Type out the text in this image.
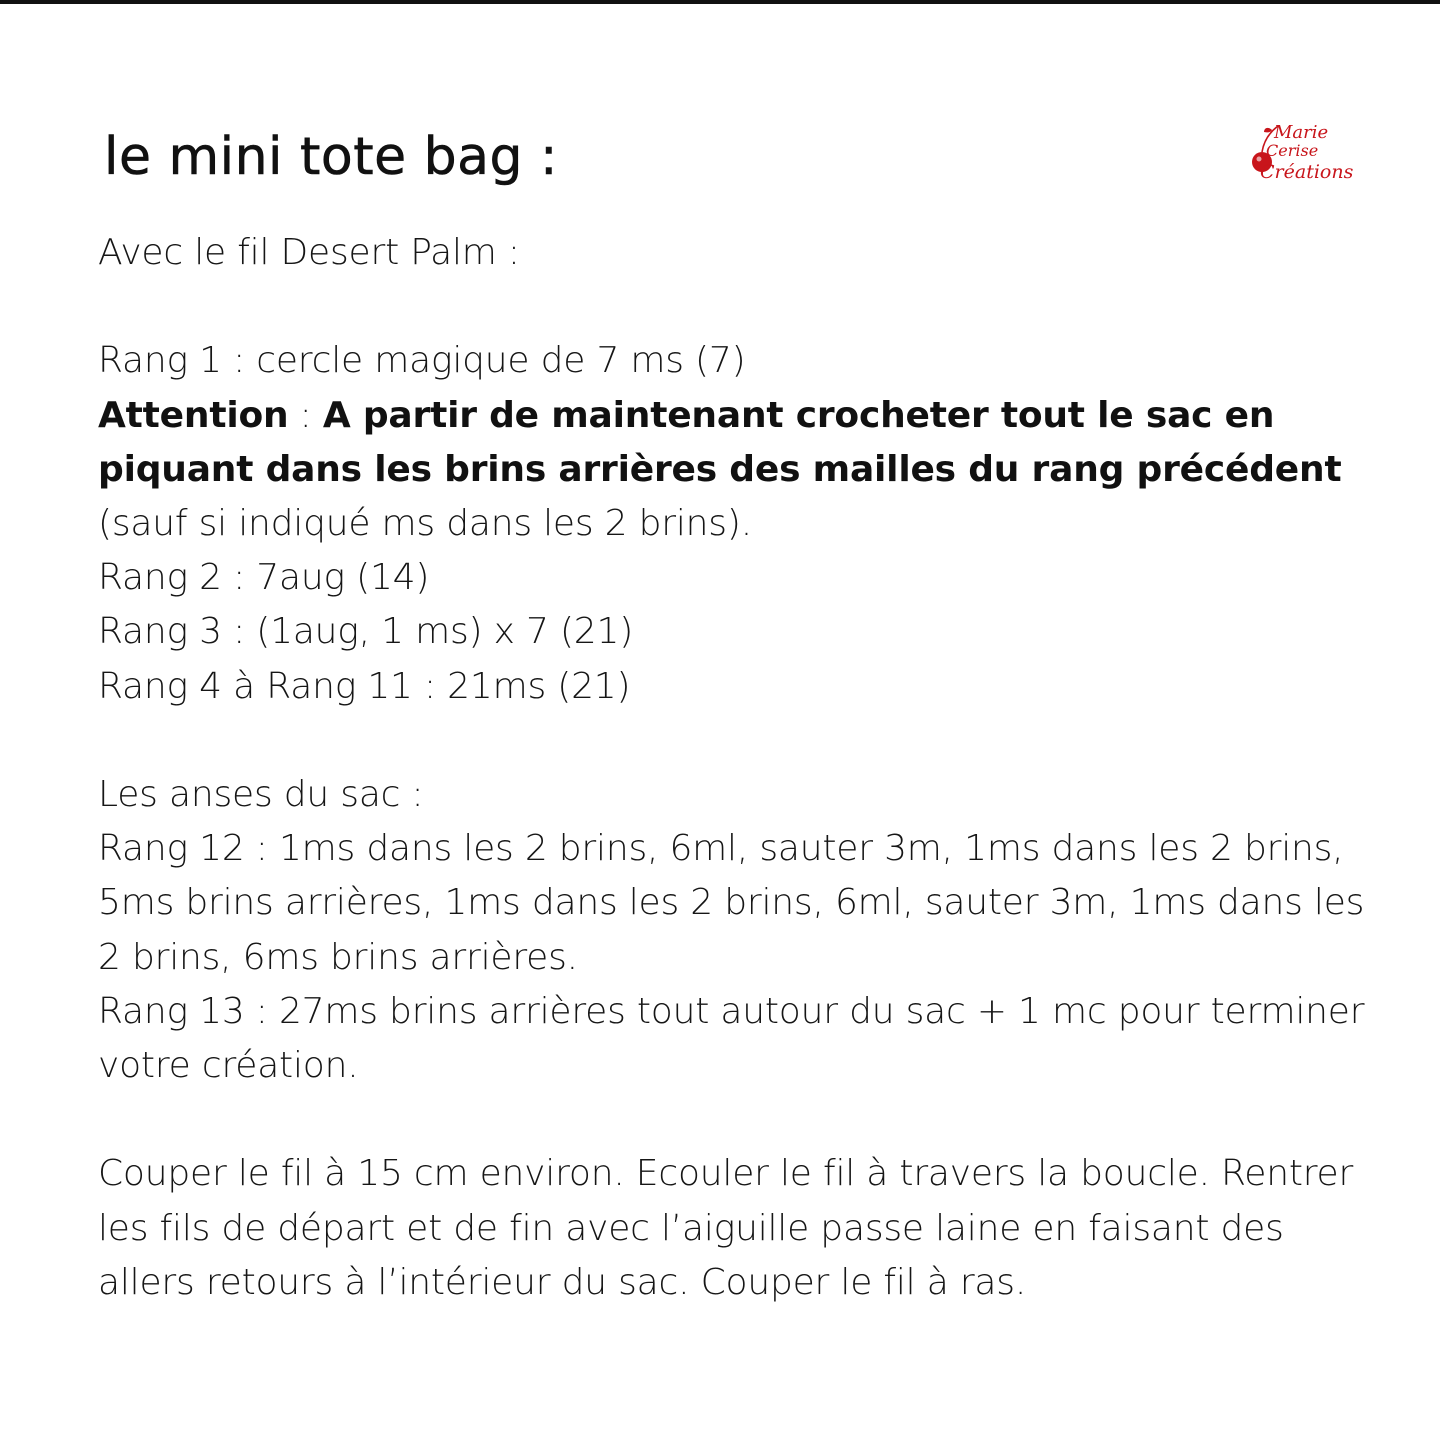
le mini tote bag :	Marie
Cerise
Créations
Avec le fil Desert Palm :
Rang 1 : cercle magique de 7 ms (7)
Attention : A partir de maintenant crocheter tout le sac en piquant dans les brins arrières des mailles du rang précédent (sauf si indiqué ms dans les 2 brins).
Rang 2 : 7aug (14)
Rang 3 : (1aug, 1 ms) x 7 (21)
Rang 4 à Rang 11 : 21ms (21)
Les anses du sac :
Rang 12 : 1ms dans les 2 brins, 6ml, sauter 3m, 1ms dans les 2 brins, 5ms brins arrières, 1ms dans les 2 brins, 6ml, sauter 3m, 1ms dans les 2 brins, 6ms brins arrières.
Rang 13 : 27ms brins arrières tout autour du sac + 1 mc pour terminer votre création.
Couper le fil à 15 cm environ. Ecouler le fil à travers la boucle. Rentrer les fils de départ et de fin avec l’aiguille passe laine en faisant des allers retours à l’intérieur du sac. Couper le fil à ras.
